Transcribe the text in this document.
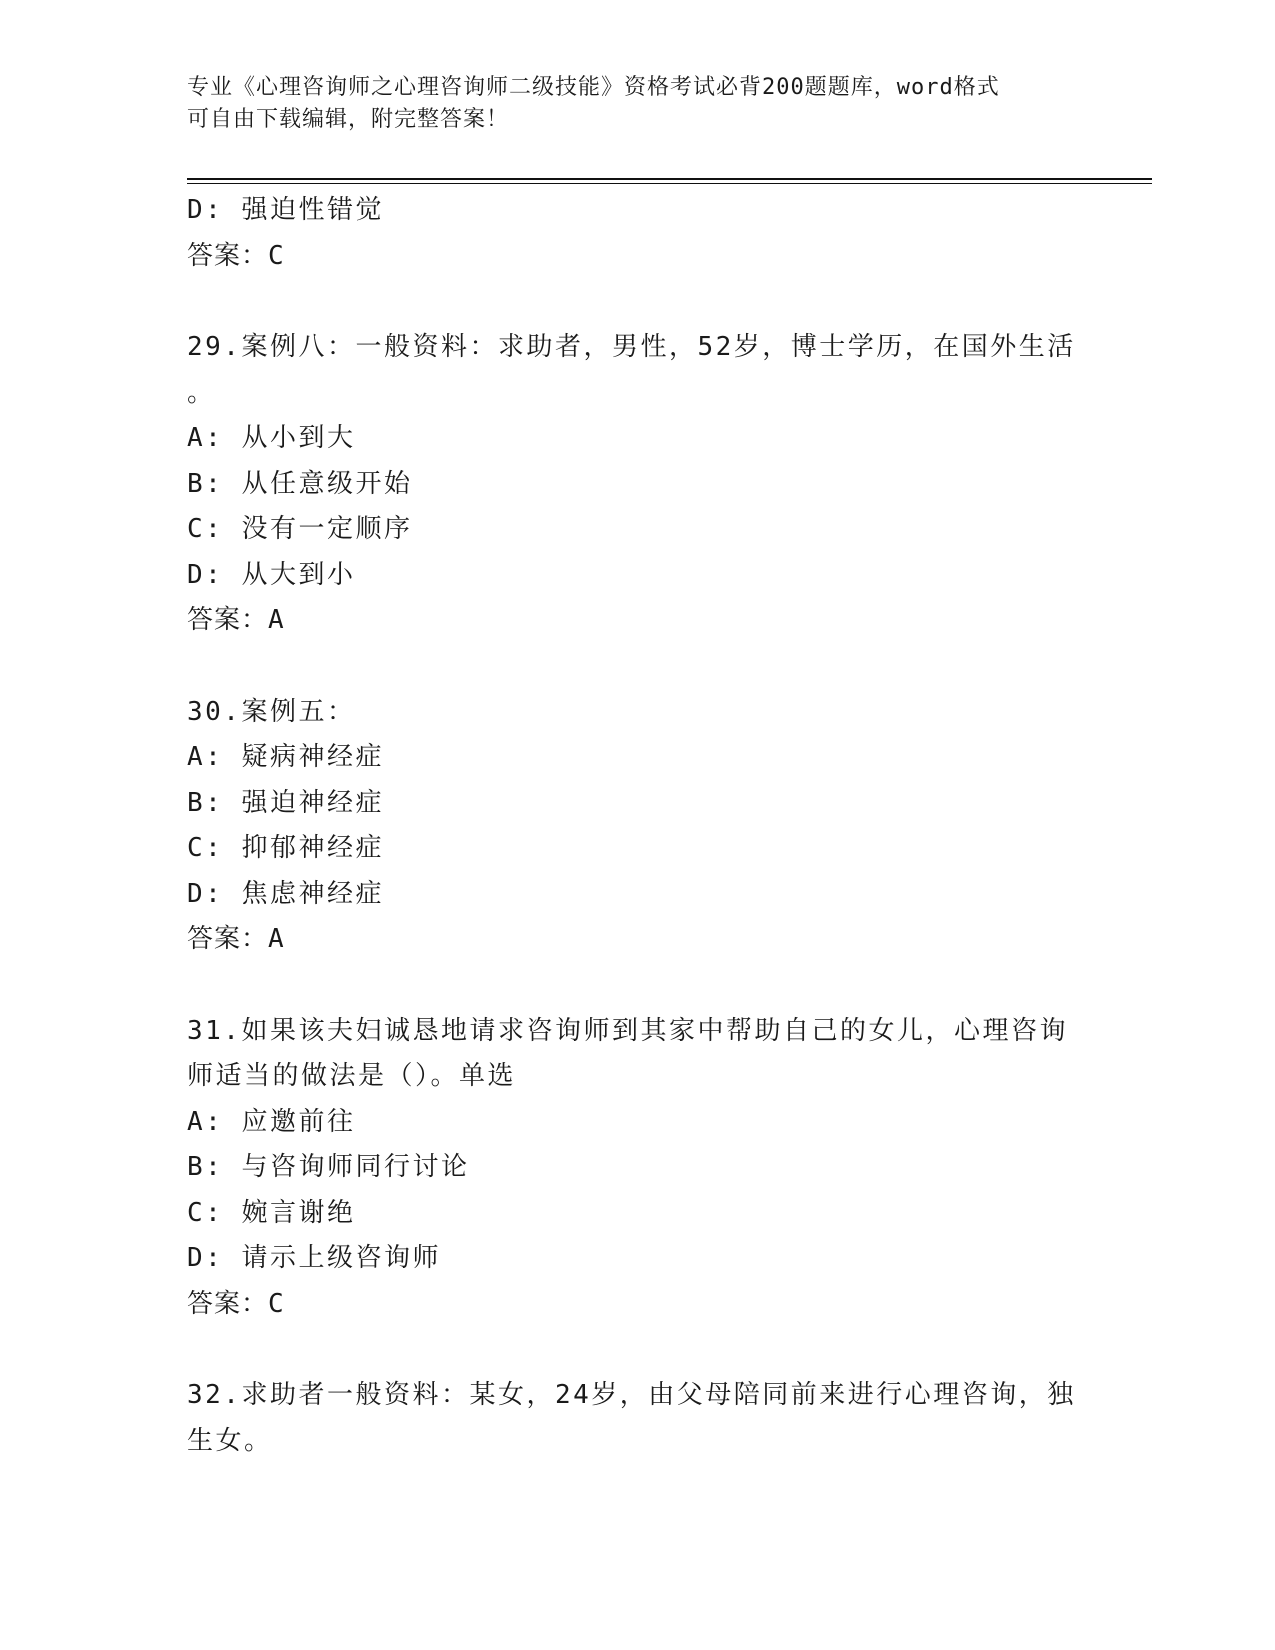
专业《心理咨询师之心理咨询师二级技能》资格考试必背200题题库，word格式
可自由下载编辑，附完整答案！
D: 强迫性错觉
答案：C
29.案例八：一般资料：求助者，男性，52岁，博士学历，在国外生活
。
A: 从小到大
B: 从任意级开始
C: 没有一定顺序
D: 从大到小
答案：A
30.案例五：
A: 疑病神经症
B: 强迫神经症
C: 抑郁神经症
D: 焦虑神经症
答案：A
31.如果该夫妇诚恳地请求咨询师到其家中帮助自己的女儿，心理咨询
师适当的做法是（）。单选
A: 应邀前往
B: 与咨询师同行讨论
C: 婉言谢绝
D: 请示上级咨询师
答案：C
32.求助者一般资料：某女，24岁，由父母陪同前来进行心理咨询，独
生女。
